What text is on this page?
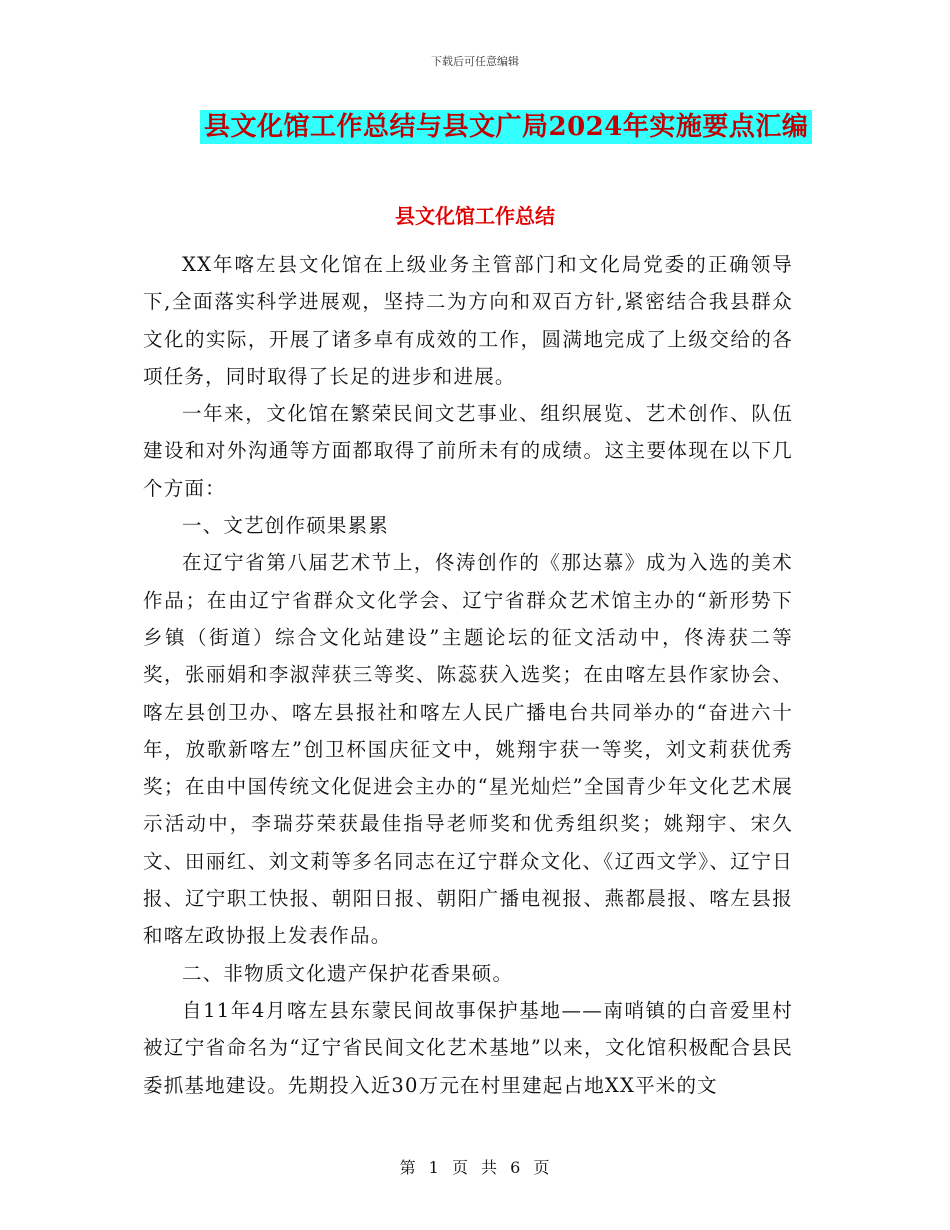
下载后可任意编辑
县文化馆工作总结与县文广局2024年实施要点汇编
县文化馆工作总结

XX年喀左县文化馆在上级业务主管部门和文化局党委的正确领导下,全面落实科学进展观，坚持二为方向和双百方针,紧密结合我县群众文化的实际，开展了诸多卓有成效的工作，圆满地完成了上级交给的各项任务，同时取得了长足的进步和进展。

一年来，文化馆在繁荣民间文艺事业、组织展览、艺术创作、队伍建设和对外沟通等方面都取得了前所未有的成绩。这主要体现在以下几个方面：

一、文艺创作硕果累累

在辽宁省第八届艺术节上，佟涛创作的《那达慕》成为入选的美术作品；在由辽宁省群众文化学会、辽宁省群众艺术馆主办的“新形势下乡镇（街道）综合文化站建设”主题论坛的征文活动中，佟涛获二等奖，张丽娟和李淑萍获三等奖、陈蕊获入选奖；在由喀左县作家协会、喀左县创卫办、喀左县报社和喀左人民广播电台共同举办的“奋进六十年，放歌新喀左”创卫杯国庆征文中，姚翔宇获一等奖，刘文莉获优秀奖；在由中国传统文化促进会主办的“星光灿烂”全国青少年文化艺术展示活动中，李瑞芬荣获最佳指导老师奖和优秀组织奖；姚翔宇、宋久文、田丽红、刘文莉等多名同志在辽宁群众文化、《辽西文学》、辽宁日报、辽宁职工快报、朝阳日报、朝阳广播电视报、燕都晨报、喀左县报和喀左政协报上发表作品。

二、非物质文化遗产保护花香果硕。

自11年4月喀左县东蒙民间故事保护基地——南哨镇的白音爱里村被辽宁省命名为“辽宁省民间文化艺术基地”以来，文化馆积极配合县民委抓基地建设。先期投入近30万元在村里建起占地XX平米的文

第 1 页 共 6 页
